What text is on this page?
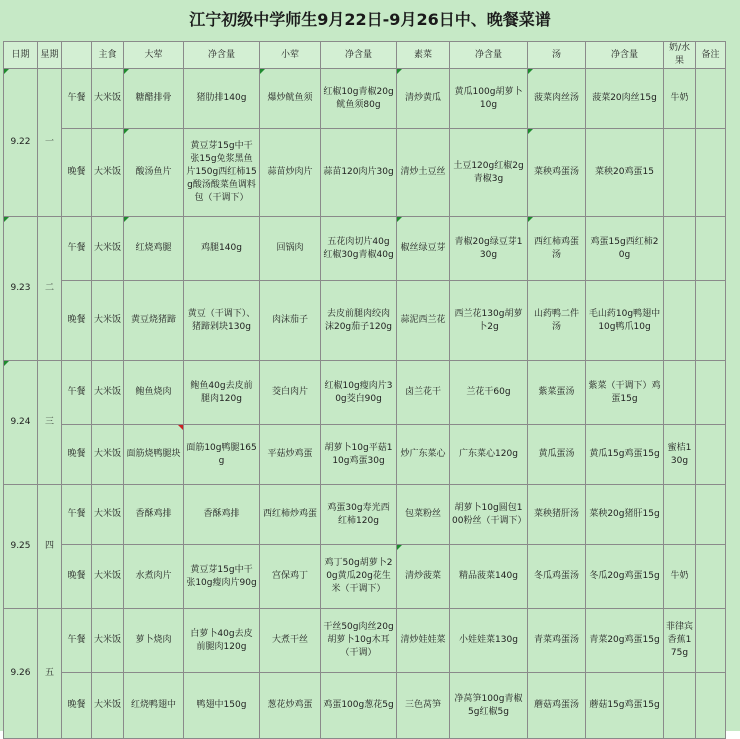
江宁初级中学师生9月22日-9月26日中、晚餐菜谱
日期	星期		主食	大荤	净含量	小荤	净含量	素菜	净含量	汤	净含量	奶/水果	备注
9.22	一	午餐	大米饭	糖醋排骨	猪肋排140g	爆炒鱿鱼须	红椒10g青椒20g鱿鱼须80g	清炒黄瓜	黄瓜100g胡萝卜10g	菠菜肉丝汤	菠菜20肉丝15g	牛奶	
		晚餐	大米饭	酸汤鱼片	黄豆芽15g中干张15g免浆黑鱼片150g西红柿15g酸汤酸菜鱼调料包（干调下）	蒜苗炒肉片	蒜苗120肉片30g	清炒土豆丝	土豆120g红椒2g青椒3g	菜秧鸡蛋汤	菜秧20鸡蛋15		
9.23	二	午餐	大米饭	红烧鸡腿	鸡腿140g	回锅肉	五花肉切片40g红椒30g青椒40g	椒丝绿豆芽	青椒20g绿豆芽130g	西红柿鸡蛋汤	鸡蛋15g西红柿20g		
		晚餐	大米饭	黄豆烧猪蹄	黄豆（干调下）、猪蹄剁块130g	肉沫茄子	去皮前腿肉绞肉沫20g茄子120g	蒜泥西兰花	西兰花130g胡萝卜2g	山药鸭二件汤	毛山药10g鸭翅中10g鸭爪10g		
9.24	三	午餐	大米饭	鲍鱼烧肉	鲍鱼40g去皮前腿肉120g	茭白肉片	红椒10g瘦肉片30g茭白90g	卤兰花干	兰花干60g	紫菜蛋汤	紫菜（干调下）鸡蛋15g		
		晚餐	大米饭	面筋烧鸭腿块	面筋10g鸭腿165g	平菇炒鸡蛋	胡萝卜10g平菇110g鸡蛋30g	炒广东菜心	广东菜心120g	黄瓜蛋汤	黄瓜15g鸡蛋15g	蜜桔130g	
9.25	四	午餐	大米饭	香酥鸡排	香酥鸡排	西红柿炒鸡蛋	鸡蛋30g寿光西红柿120g	包菜粉丝	胡萝卜10g圆包100粉丝（干调下）	菜秧猪肝汤	菜秧20g猪肝15g		
		晚餐	大米饭	水煮肉片	黄豆芽15g中干张10g瘦肉片90g	宫保鸡丁	鸡丁50g胡萝卜20g黄瓜20g花生米（干调下）	清炒菠菜	精品菠菜140g	冬瓜鸡蛋汤	冬瓜20g鸡蛋15g	牛奶	
9.26	五	午餐	大米饭	萝卜烧肉	白萝卜40g去皮前腿肉120g	大煮干丝	干丝50g肉丝20g胡萝卜10g木耳（干调）	清炒娃娃菜	小娃娃菜130g	青菜鸡蛋汤	青菜20g鸡蛋15g	菲律宾香蕉175g	
		晚餐	大米饭	红烧鸭翅中	鸭翅中150g	葱花炒鸡蛋	鸡蛋100g葱花5g	三色莴笋	净莴笋100g青椒5g红椒5g	蘑菇鸡蛋汤	蘑菇15g鸡蛋15g		
